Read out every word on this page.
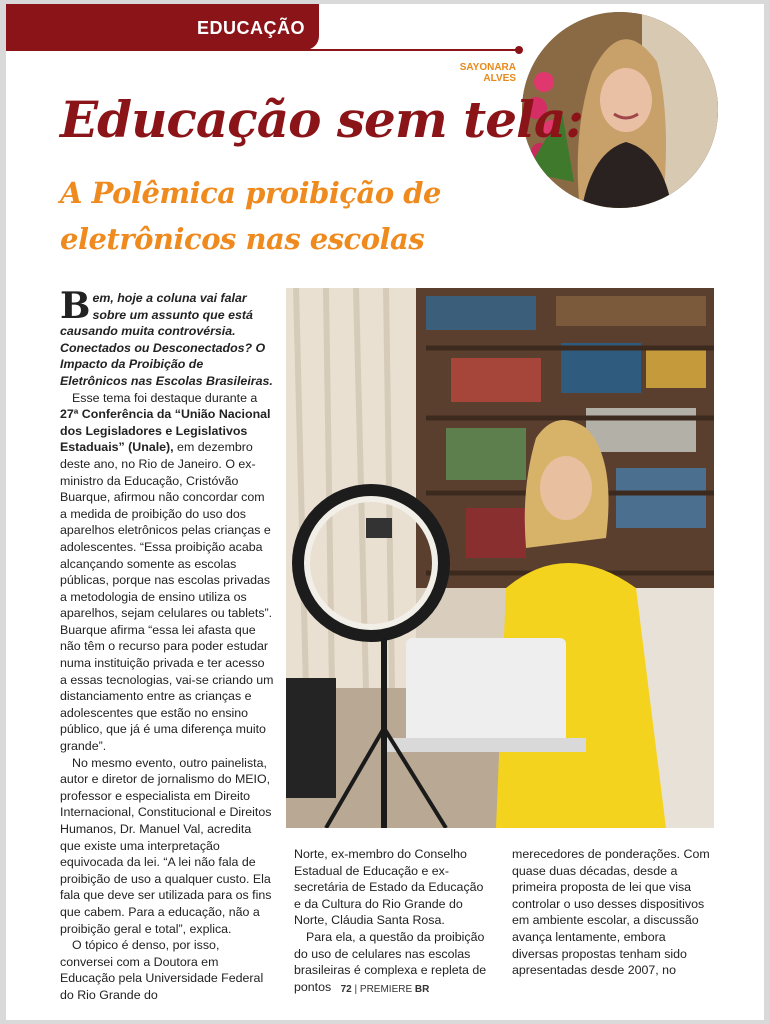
EDUCAÇÃO
SAYONARA ALVES
Educação sem tela:
A Polêmica proibição de eletrônicos nas escolas

Bem, hoje a coluna vai falar sobre um assunto que está causando muita controvérsia. Conectados ou Desconectados? O Impacto da Proibição de Eletrônicos nas Escolas Brasileiras.

Esse tema foi destaque durante a 27ª Conferência da “União Nacional dos Legisladores e Legislativos Estaduais” (Unale), em dezembro deste ano, no Rio de Janeiro. O ex-ministro da Educação, Cristóvão Buarque, afirmou não concordar com a medida de proibição do uso dos aparelhos eletrônicos pelas crianças e adolescentes. “Essa proibição acaba alcançando somente as escolas públicas, porque nas escolas privadas a metodologia de ensino utiliza os aparelhos, sejam celulares ou tablets”. Buarque afirma “essa lei afasta que não têm o recurso para poder estudar numa instituição privada e ter acesso a essas tecnologias, vai-se criando um distanciamento entre as crianças e adolescentes que estão no ensino público, que já é uma diferença muito grande”.

No mesmo evento, outro painelista, autor e diretor de jornalismo do MEIO, professor e especialista em Direito Internacional, Constitucional e Direitos Humanos, Dr. Manuel Val, acredita que existe uma interpretação equivocada da lei. “A lei não fala de proibição de uso a qualquer custo. Ela fala que deve ser utilizada para os fins que cabem. Para a educação, não a proibição geral e total”, explica.

O tópico é denso, por isso, conversei com a Doutora em Educação pela Universidade Federal do Rio Grande do

Norte, ex-membro do Conselho Estadual de Educação e ex-secretária de Estado da Educação e da Cultura do Rio Grande do Norte, Cláudia Santa Rosa.

Para ela, a questão da proibição do uso de celulares nas escolas brasileiras é complexa e repleta de pontos

merecedores de ponderações. Com quase duas décadas, desde a primeira proposta de lei que visa controlar o uso desses dispositivos em ambiente escolar, a discussão avança lentamente, embora diversas propostas tenham sido apresentadas desde 2007, no

72 | PREMIERE BR
